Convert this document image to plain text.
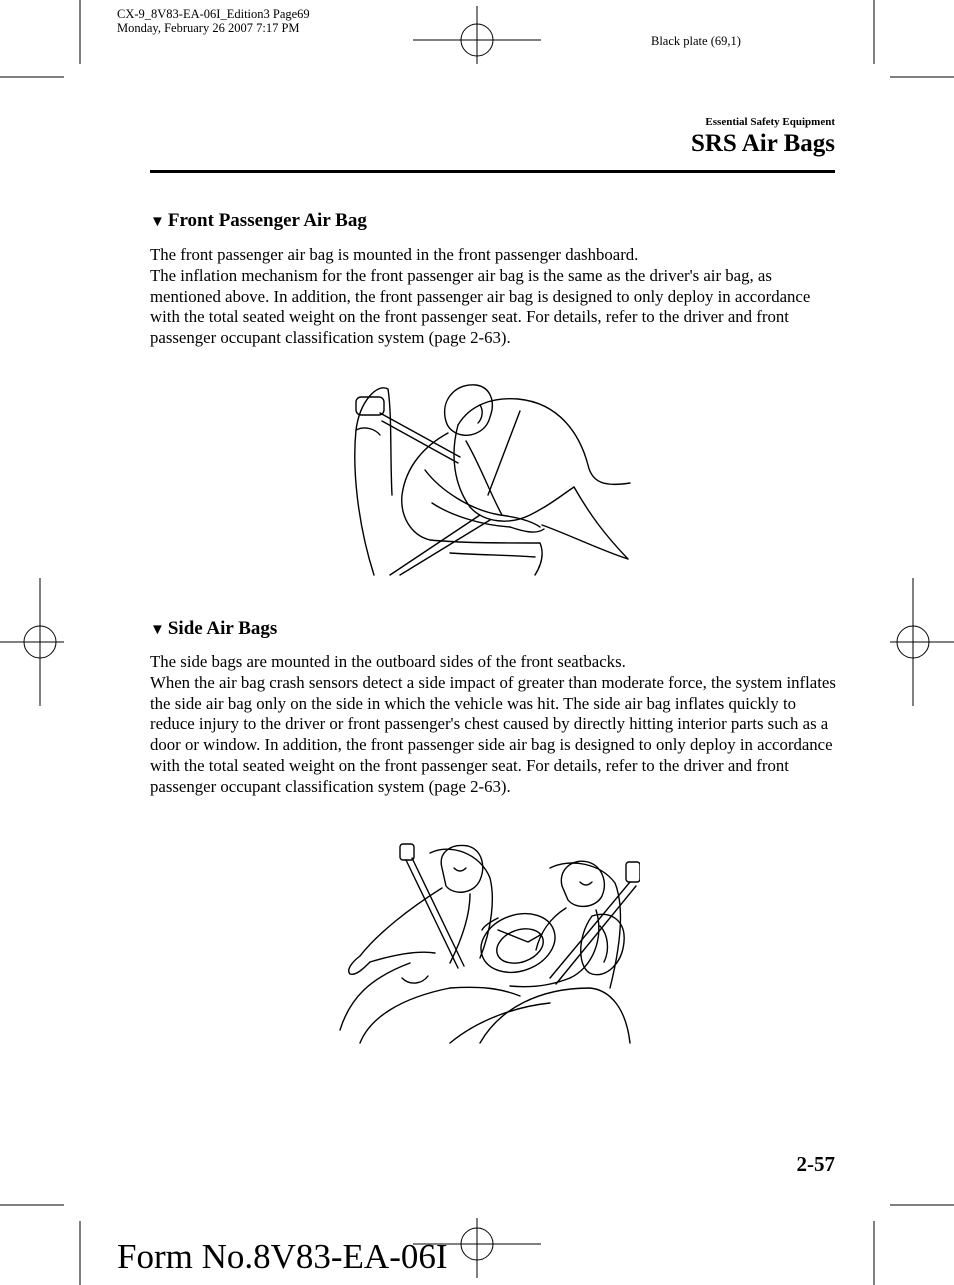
CX-9_8V83-EA-06I_Edition3 Page69
Monday, February 26 2007 7:17 PM
Black plate (69,1)
Essential Safety Equipment
SRS Air Bags
▼ Front Passenger Air Bag

The front passenger air bag is mounted in the front passenger dashboard.

The inflation mechanism for the front passenger air bag is the same as the driver's air bag, as mentioned above. In addition, the front passenger air bag is designed to only deploy in accordance with the total seated weight on the front passenger seat. For details, refer to the driver and front passenger occupant classification system (page 2-63).

▼ Side Air Bags

The side bags are mounted in the outboard sides of the front seatbacks.

When the air bag crash sensors detect a side impact of greater than moderate force, the system inflates the side air bag only on the side in which the vehicle was hit. The side air bag inflates quickly to reduce injury to the driver or front passenger's chest caused by directly hitting interior parts such as a door or window. In addition, the front passenger side air bag is designed to only deploy in accordance with the total seated weight on the front passenger seat. For details, refer to the driver and front passenger occupant classification system (page 2-63).

2-57
Form No.8V83-EA-06I
